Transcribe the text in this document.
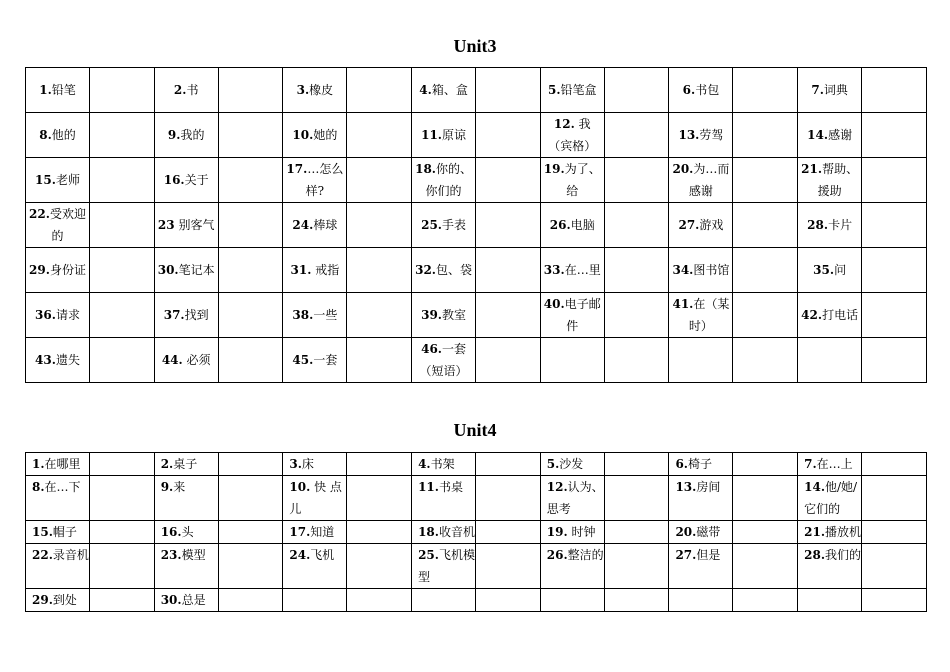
Unit3
1.铅笔		2.书		3.橡皮		4.箱、盒		5.铅笔盒		6.书包		7.词典	
8.他的		9.我的		10.她的		11.原谅		12. 我（宾格）		13.劳驾		14.感谢	
15.老师		16.关于		17.…怎么样?		18.你的、你们的		19.为了、给		20.为…而感谢		21.帮助、援助	
22.受欢迎的		23 别客气		24.棒球		25.手表		26.电脑		27.游戏		28.卡片	
29.身份证		30.笔记本		31. 戒指		32.包、袋		33.在…里		34.图书馆		35.问	
36.请求		37.找到		38.一些		39.教室		40.电子邮件		41.在（某时）		42.打电话	
43.遗失		44. 必须		45.一套		46.一套（短语）							
Unit4
1.在哪里		2.桌子		3.床		4.书架		5.沙发		6.椅子		7.在…上	
8.在…下		9.来		10. 快 点儿		11.书桌		12.认为、思考		13.房间		14.他/她/它们的	
15.帽子		16.头		17.知道		18.收音机		19. 时钟		20.磁带		21.播放机	
22.录音机		23.模型		24.飞机		25.飞机模型		26.整洁的		27.但是		28.我们的	
29.到处		30.总是											
